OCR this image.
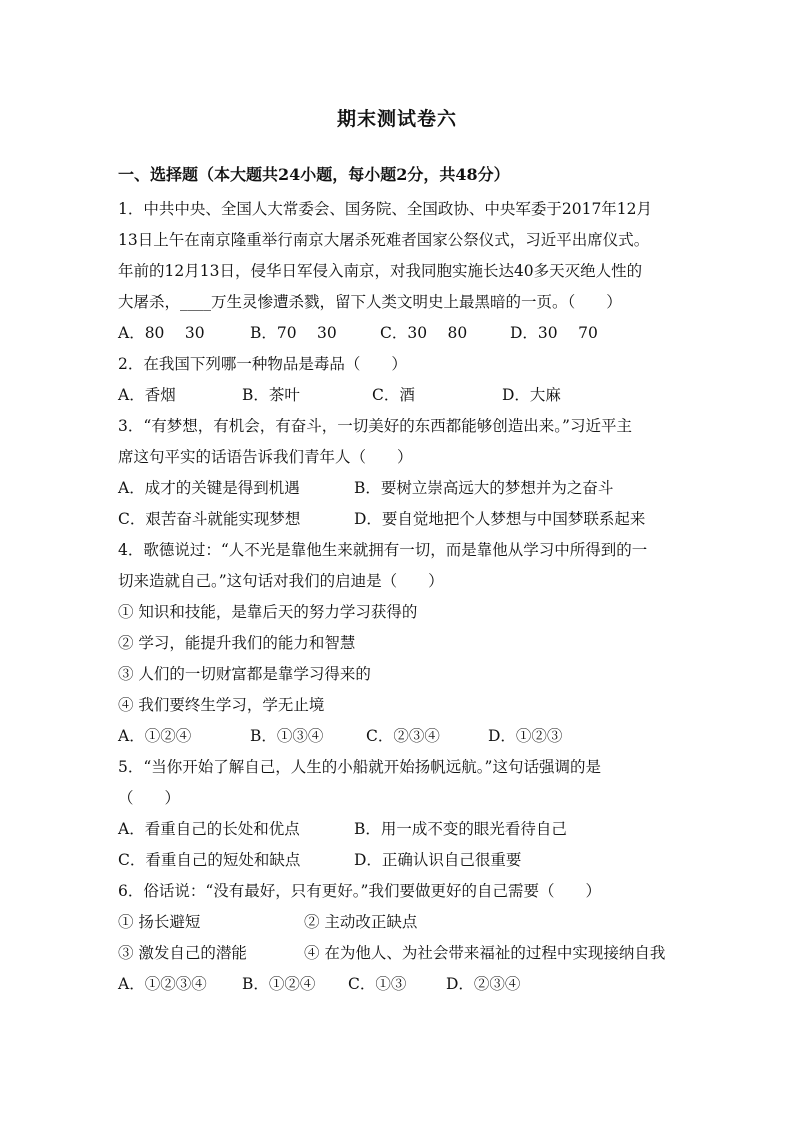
期末测试卷六
一、选择题（本大题共24小题，每小题2分，共48分）
1．中共中央、全国人大常委会、国务院、全国政协、中央军委于2017年12月
13日上午在南京隆重举行南京大屠杀死难者国家公祭仪式，习近平出席仪式。
年前的12月13日，侵华日军侵入南京，对我同胞实施长达40多天灭绝人性的
大屠杀，____万生灵惨遭杀戮，留下人类文明史上最黑暗的一页。（　　）
A．80　 30	B．70　 30	C．30　 80	D．30　 70
2．在我国下列哪一种物品是毒品（　　）
A．香烟	B．茶叶	C．酒	D．大麻
3．“有梦想，有机会，有奋斗，一切美好的东西都能够创造出来。”习近平主
席这句平实的话语告诉我们青年人（　　）
A．成才的关键是得到机遇	B．要树立崇高远大的梦想并为之奋斗
C．艰苦奋斗就能实现梦想	D．要自觉地把个人梦想与中国梦联系起来
4．歌德说过：“人不光是靠他生来就拥有一切，而是靠他从学习中所得到的一
切来造就自己。”这句话对我们的启迪是（　　）
① 知识和技能，是靠后天的努力学习获得的
② 学习，能提升我们的能力和智慧
③ 人们的一切财富都是靠学习得来的
④ 我们要终生学习，学无止境
A．①②④	B．①③④	C．②③④	D．①②③
5．“当你开始了解自己，人生的小船就开始扬帆远航。”这句话强调的是
（　　）
A．看重自己的长处和优点	B．用一成不变的眼光看待自己
C．看重自己的短处和缺点	D．正确认识自己很重要
6．俗话说：“没有最好，只有更好。”我们要做更好的自己需要（　　）
① 扬长避短	② 主动改正缺点
③ 激发自己的潜能	④ 在为他人、为社会带来福祉的过程中实现接纳自我
A．①②③④	B．①②④	C．①③	D．②③④
